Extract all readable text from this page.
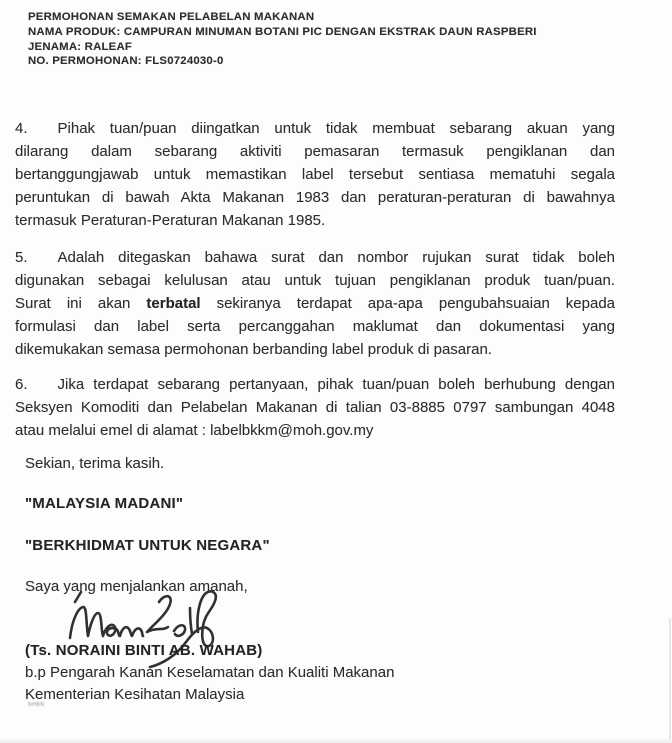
PERMOHONAN SEMAKAN PELABELAN MAKANAN
NAMA PRODUK: CAMPURAN MINUMAN BOTANI PIC DENGAN EKSTRAK DAUN RASPBERI
JENAMA: RALEAF
NO. PERMOHONAN: FLS0724030-0
4. Pihak tuan/puan diingatkan untuk tidak membuat sebarang akuan yang
dilarang dalam sebarang aktiviti pemasaran termasuk pengiklanan dan
bertanggungjawab untuk memastikan label tersebut sentiasa mematuhi segala
peruntukan di bawah Akta Makanan 1983 dan peraturan-peraturan di bawahnya
termasuk Peraturan-Peraturan Makanan 1985.
5. Adalah ditegaskan bahawa surat dan nombor rujukan surat tidak boleh
digunakan sebagai kelulusan atau untuk tujuan pengiklanan produk tuan/puan.
Surat ini akan terbatal sekiranya terdapat apa-apa pengubahsuaian kepada
formulasi dan label serta percanggahan maklumat dan dokumentasi yang
dikemukakan semasa permohonan berbanding label produk di pasaran.
6. Jika terdapat sebarang pertanyaan, pihak tuan/puan boleh berhubung dengan
Seksyen Komoditi dan Pelabelan Makanan di talian 03-8885 0797 sambungan 4048
atau melalui emel di alamat : labelbkkm@moh.gov.my
Sekian, terima kasih.
"MALAYSIA MADANI"
"BERKHIDMAT UNTUK NEGARA"
Saya yang menjalankan amanah,
(Ts. NORAINI BINTI AB. WAHAB)
b.p Pengarah Kanan Keselamatan dan Kualiti Makanan
Kementerian Kesihatan Malaysia
NHBN
